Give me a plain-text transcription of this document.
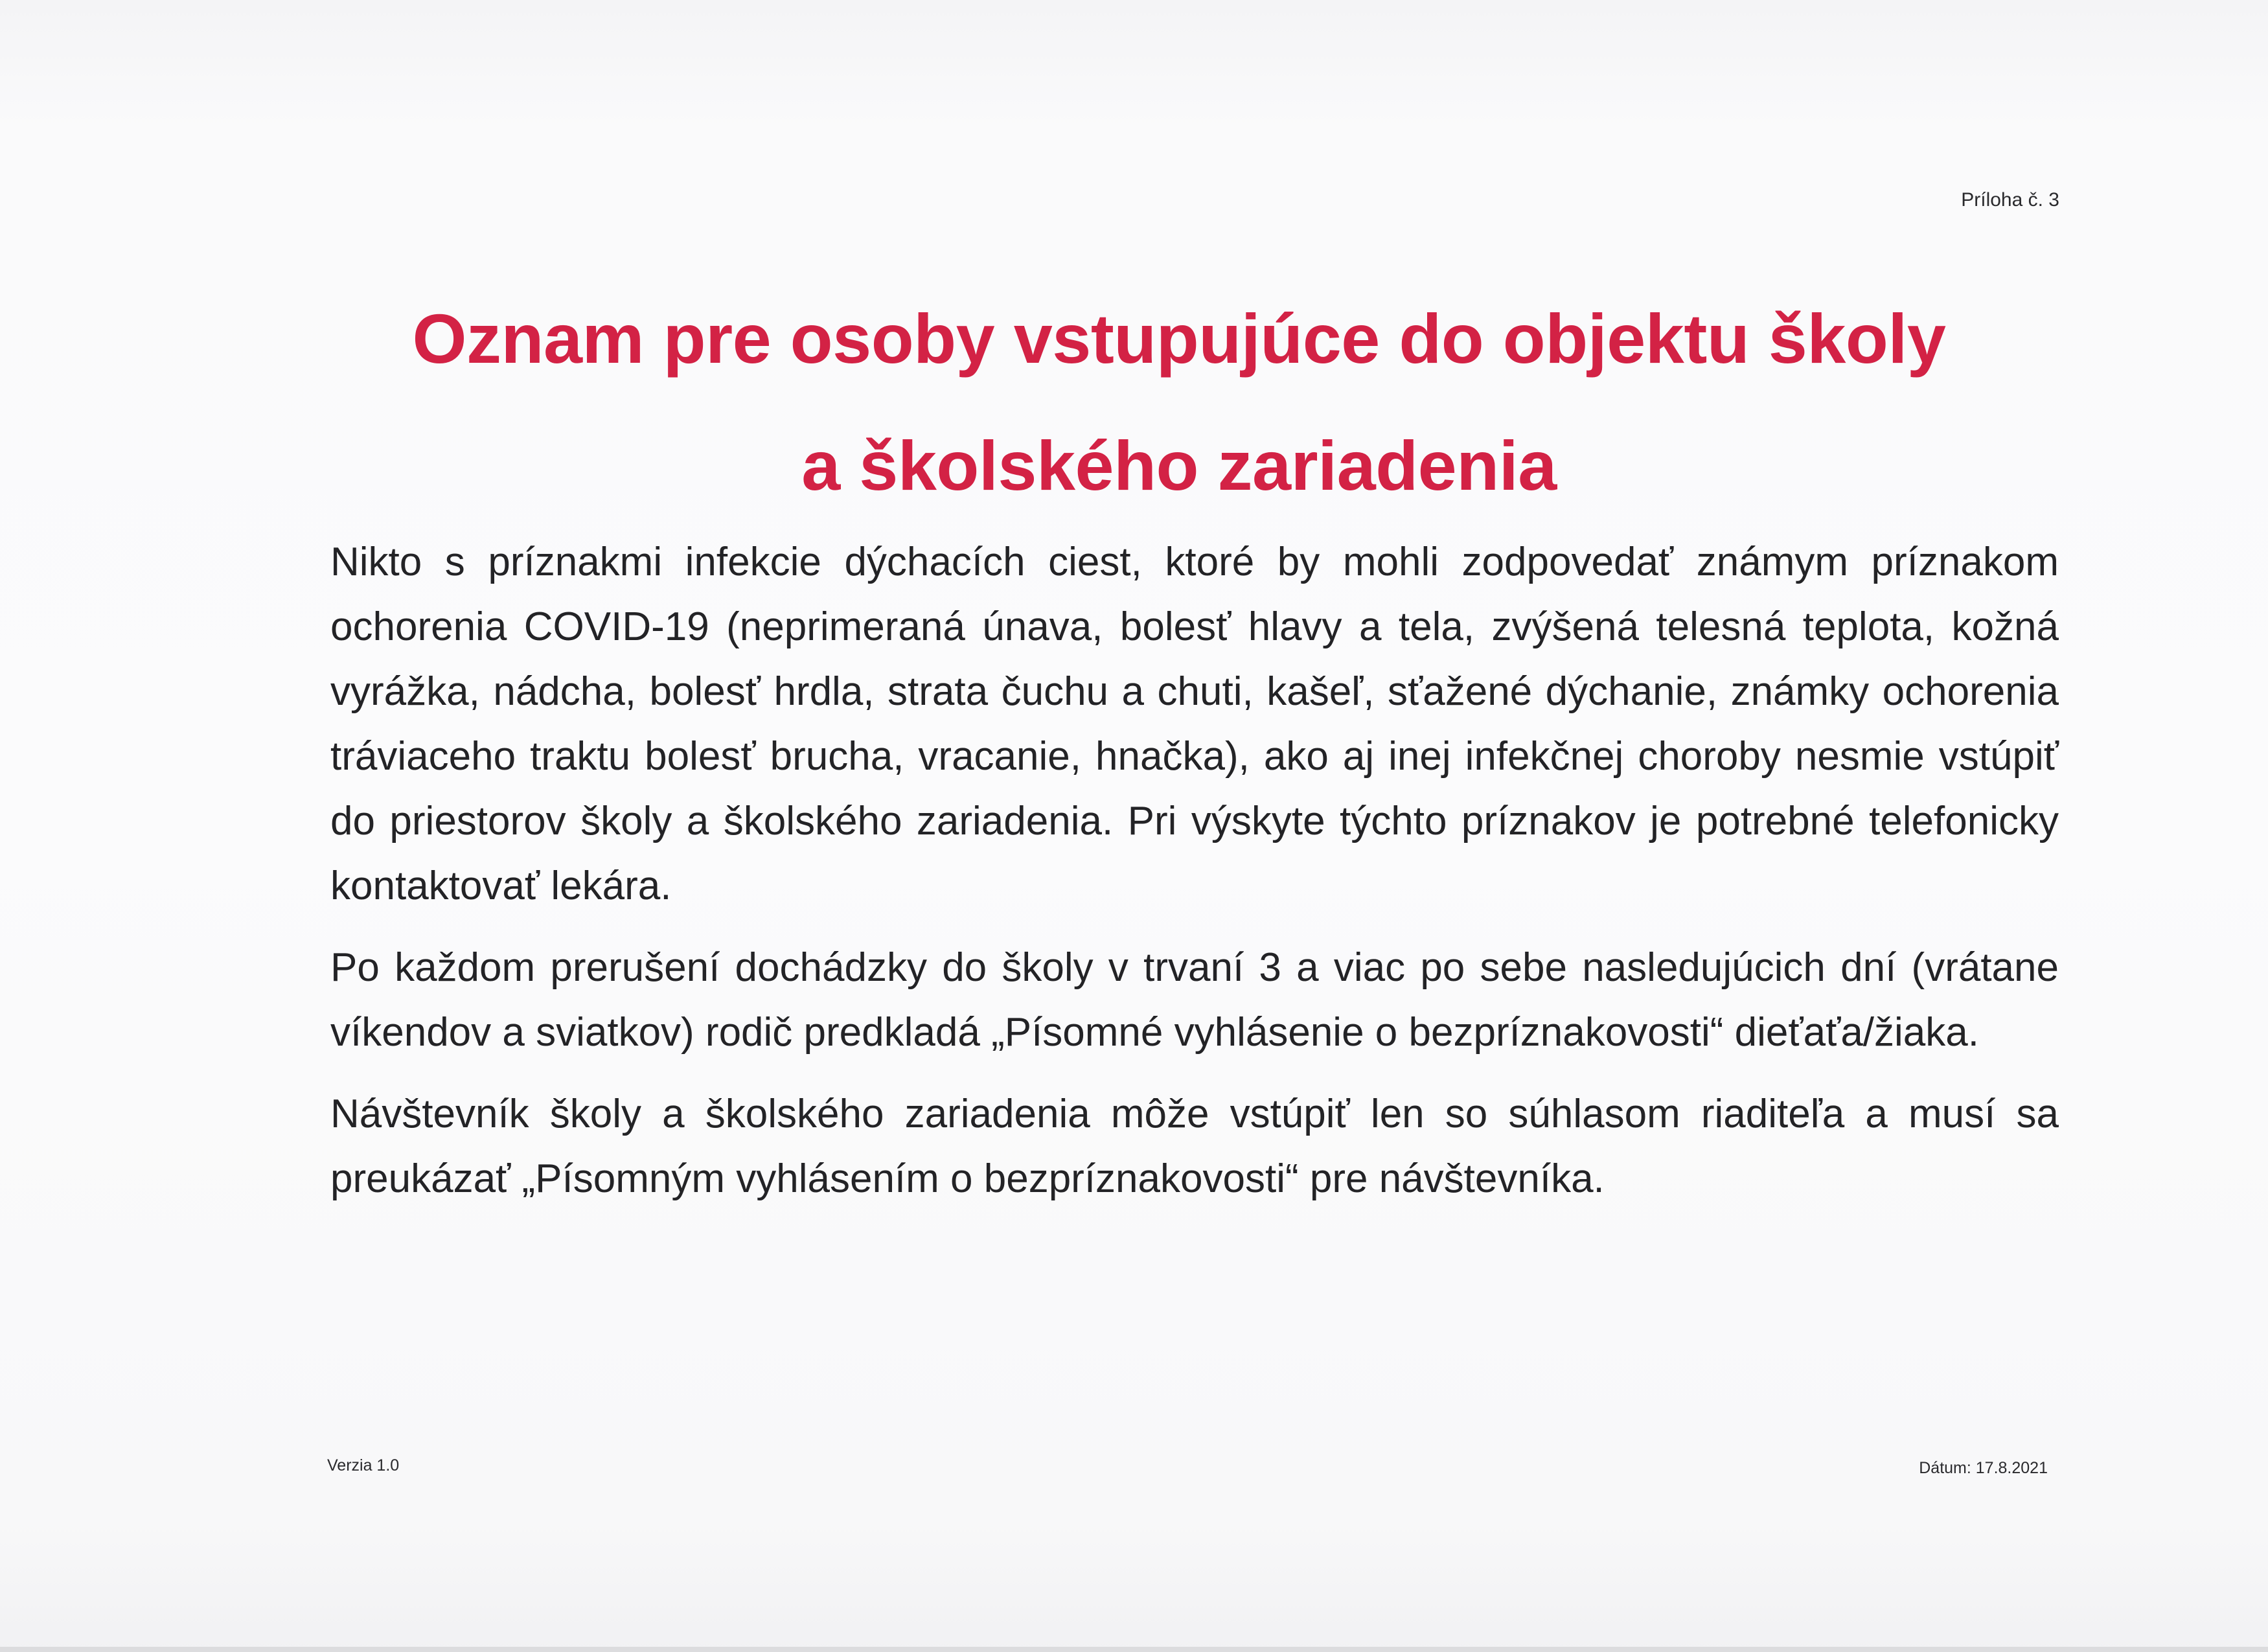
Príloha č. 3

Oznam pre osoby vstupujúce do objektu školy
a školského zariadenia

Nikto s príznakmi infekcie dýchacích ciest, ktoré by mohli zodpovedať známym príznakom ochorenia COVID-19 (neprimeraná únava, bolesť hlavy a tela, zvýšená telesná teplota, kožná vyrážka, nádcha, bolesť hrdla, strata čuchu a chuti, kašeľ, sťažené dýchanie, známky ochorenia tráviaceho traktu bolesť brucha, vracanie, hnačka), ako aj inej infekčnej choroby nesmie vstúpiť do priestorov školy a školského zariadenia. Pri výskyte týchto príznakov je potrebné telefonicky kontaktovať lekára.

Po každom prerušení dochádzky do školy v trvaní 3 a viac po sebe nasledujúcich dní (vrátane víkendov a sviatkov) rodič predkladá „Písomné vyhlásenie o bezpríznakovosti“ dieťaťa/žiaka.

Návštevník školy a školského zariadenia môže vstúpiť len so súhlasom riaditeľa a musí sa preukázať „Písomným vyhlásením o bezpríznakovosti“ pre návštevníka.

Verzia 1.0	Dátum: 17.8.2021
